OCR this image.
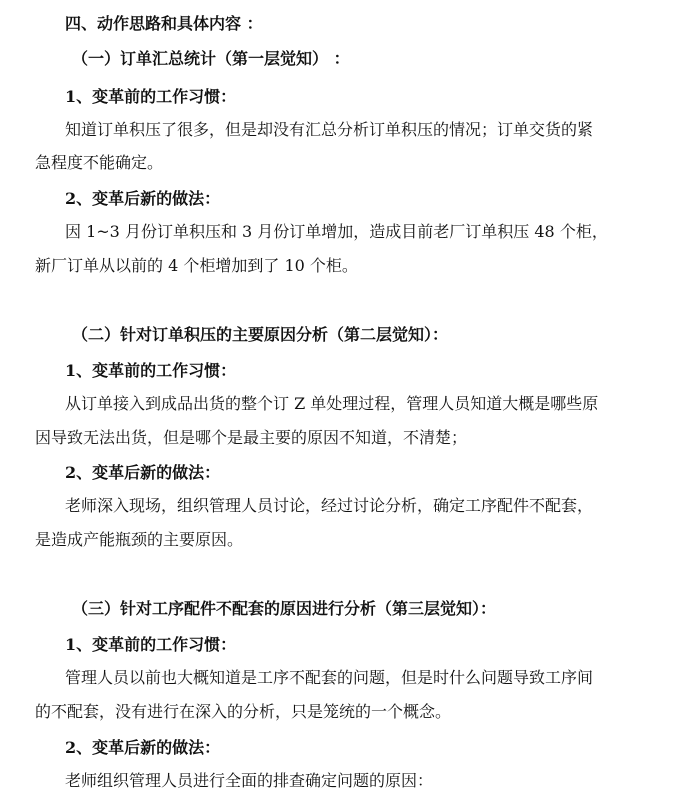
四、动作思路和具体内容 ：
（一）订单汇总统计（第一层觉知） ：
1、变革前的工作习惯：
知道订单积压了很多，但是却没有汇总分析订单积压的情况；订单交货的紧
急程度不能确定。
2、变革后新的做法：
因 1~3 月份订单积压和 3 月份订单增加，造成目前老厂订单积压 48 个柜，
新厂订单从以前的 4 个柜增加到了 10 个柜。
（二）针对订单积压的主要原因分析（第二层觉知）：
1、变革前的工作习惯：
从订单接入到成品出货的整个订 Z 单处理过程，管理人员知道大概是哪些原
因导致无法出货，但是哪个是最主要的原因不知道，不清楚；
2、变革后新的做法：
老师深入现场，组织管理人员讨论，经过讨论分析，确定工序配件不配套，
是造成产能瓶颈的主要原因。
（三）针对工序配件不配套的原因进行分析（第三层觉知）：
1、变革前的工作习惯：
管理人员以前也大概知道是工序不配套的问题，但是时什么问题导致工序间
的不配套，没有进行在深入的分析，只是笼统的一个概念。
2、变革后新的做法：
老师组织管理人员进行全面的排查确定问题的原因：
